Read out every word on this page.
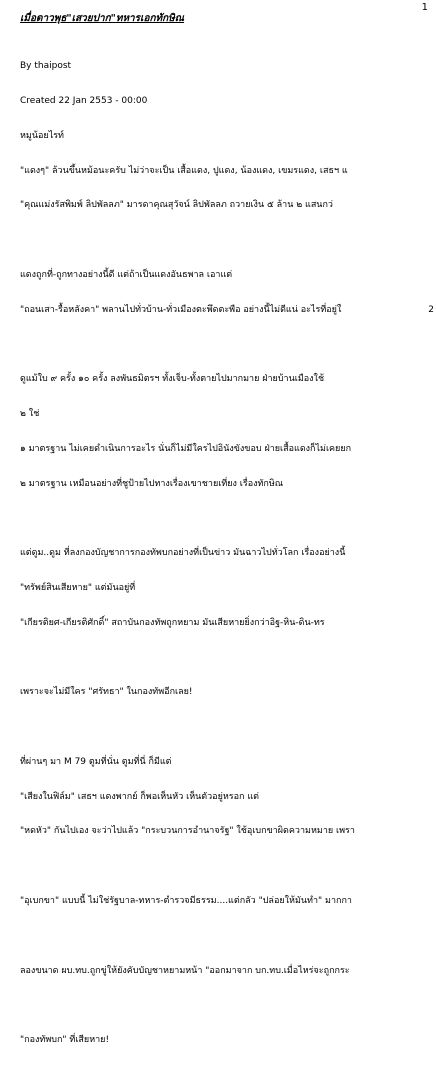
1
เมื่อดาวพุธ"เสวยปาก"ทหารเอกทักษิณ

By thaipost

Created 22 Jan 2553 - 00:00

หมูน้อยไรท์

"แดงๆ" ล้วนขึ้นหม้อนะครับ ไม่ว่าจะเป็น เสื้อแดง, ปูแดง, น้องแดง, เขมรแดง, เสธฯ แ

"คุณแม่งรัสพิมพ์ ลิปพัลลภ" มารดาคุณสุวัจน์ ลิปพัลลภ ถวายเงิน ๕ ล้าน ๒ แสนกว่

แดงถูกที่-ถูกทางอย่างนี้ดี แต่ถ้าเป็นแดงอันธพาล เอาแต่

"ถอนเสา-รื้อหลังคา" พลานไปทั่วบ้าน-ทั่วเมืองตะพึดตะพือ อย่างนี้ไม่ดีแน่ อะไรที่อยู่ใ

ดูแม้ใบ ๙ ครั้ง ๑๐ ครั้ง ลงพันธมิตรฯ ทั้งเจ็บ-ทั้งตายไปมากมาย ฝ่ายบ้านเมืองใช้

๒ ใช่

๑ มาตรฐาน ไม่เคยดำเนินการอะไร นั่นก็ไม่มีใครไปอินังขังขอบ ฝ่ายเสื้อแดงก็ไม่เคยยก

๒ มาตรฐาน เหมือนอย่างที่ชูป้ายไปทางเรื่องเขาชายเที่ยง เรื่องทักษิณ

แต่ดูม..ดูม ที่ลงกองบัญชาการกองทัพบกอย่างที่เป็นข่าว มันฉาวไปทั่วโลก เรื่องอย่างนี้

"ทรัพย์สินเสียหาย" แต่มันอยู่ที่

"เกียรติยศ-เกียรติศักดิ์" สถาบันกองทัพถูกหยาม มันเสียหายยิ่งกว่าอิฐ-หิน-ดิน-ทร

เพราะจะไม่มีใคร "ศรัทธา" ในกองทัพอีกเลย!

ที่ผ่านๆ มา M 79 ตูมที่นั่น ตูมที่นี่ ก็มีแต่

"เสียงในฟิล์ม" เสธฯ แดงพากย์ ก็พอเห็นหัว เห็นตัวอยู่หรอก แต่

"หดหัว" กันไปเอง จะว่าไปแล้ว "กระบวนการอำนาจรัฐ" ใช้อุเบกขาผิดความหมาย เพรา

"อุเบกขา" แบบนี้ ไม่ใช่รัฐบาล-ทหาร-ตำรวจมีธรรม....แต่กลัว "ปล่อยให้มันทำ" มากกา

ลองขนาด ผบ.ทบ.ถูกขู่ให้ยังคับบัญชาหยามหน้า "ออกมาจาก บก.ทบ.เมื่อไหร่จะถูกกระ

"กองทัพบก" ที่เสียหาย!

2
